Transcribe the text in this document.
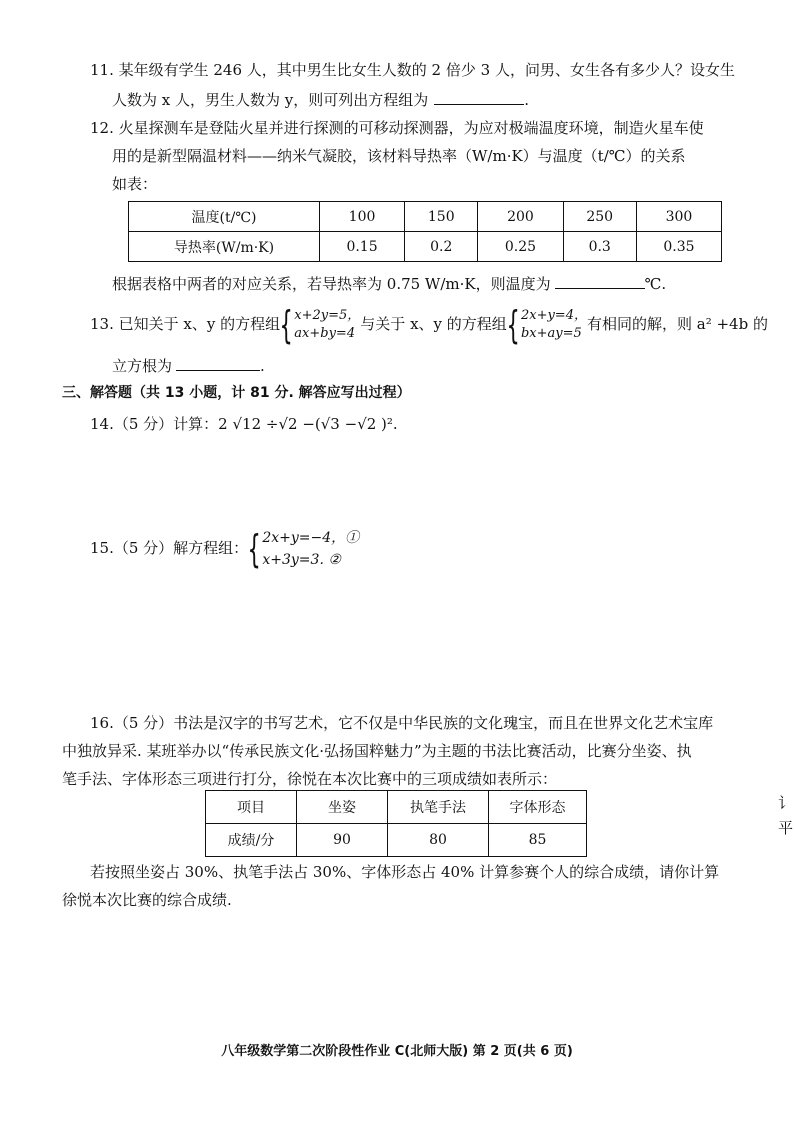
11. 某年级有学生 246 人，其中男生比女生人数的 2 倍少 3 人，问男、女生各有多少人？设女生
人数为 x 人，男生人数为 y，则可列出方程组为	.
12. 火星探测车是登陆火星并进行探测的可移动探测器，为应对极端温度环境，制造火星车使
用的是新型隔温材料——纳米气凝胶，该材料导热率（W/m·K）与温度（t/℃）的关系
如表：
温度(t/℃)	100	150	200	250	300
导热率(W/m·K)	0.15	0.2	0.25	0.3	0.35
根据表格中两者的对应关系，若导热率为 0.75 W/m·K，则温度为	℃.
13. 已知关于 x、y 的方程组 { x+2y=5，
ax+by=4
与关于 x、y 的方程组 { 2x+y=4，
bx+ay=5
有相同的解，则 a² +4b 的
立方根为	.
三、解答题（共 13 小题，计 81 分. 解答应写出过程）
14.（5 分）计算：2 √12 ÷√2 −(√3 −√2 )².
15.（5 分）解方程组： { 2x+y=−4，①
x+3y=3. ②
16.（5 分）书法是汉字的书写艺术，它不仅是中华民族的文化瑰宝，而且在世界文化艺术宝库
中独放异采. 某班举办以“传承民族文化·弘扬国粹魅力”为主题的书法比赛活动，比赛分坐姿、执
笔手法、字体形态三项进行打分，徐悦在本次比赛中的三项成绩如表所示：
项目	坐姿	执笔手法	字体形态
成绩/分	90	80	85
若按照坐姿占 30%、执笔手法占 30%、字体形态占 40% 计算参赛个人的综合成绩，请你计算
徐悦本次比赛的综合成绩.
讠
平
八年级数学第二次阶段性作业 C(北师大版) 第 2 页(共 6 页)
